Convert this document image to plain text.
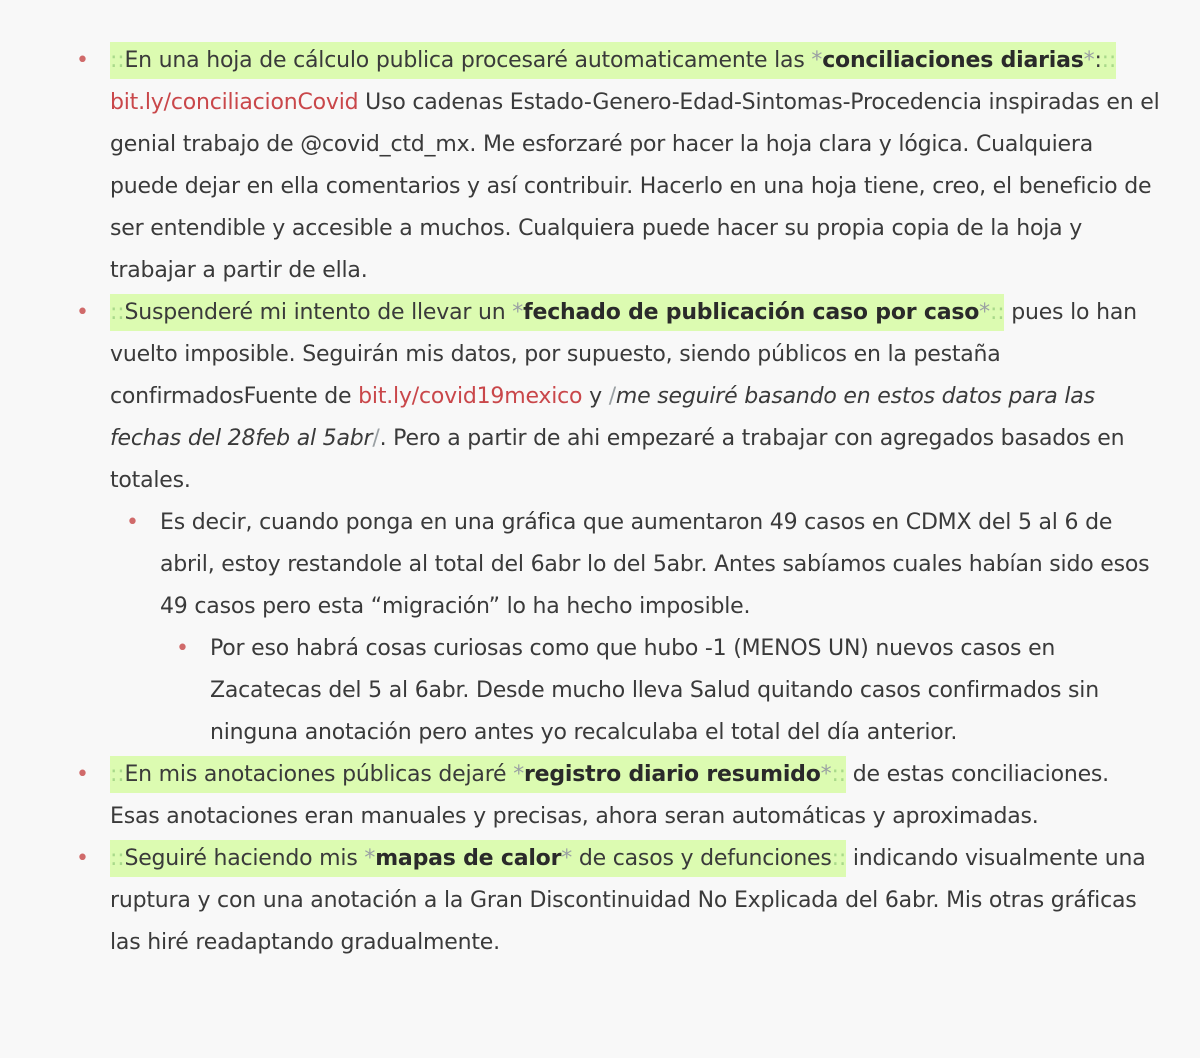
• ::En una hoja de cálculo publica procesaré automaticamente las *conciliaciones diarias*::: bit.ly/conciliacionCovid Uso cadenas Estado-Genero-Edad-Sintomas-Procedencia inspiradas en el genial trabajo de @covid_ctd_mx. Me esforzaré por hacer la hoja clara y lógica. Cualquiera puede dejar en ella comentarios y así contribuir. Hacerlo en una hoja tiene, creo, el beneficio de ser entendible y accesible a muchos. Cualquiera puede hacer su propia copia de la hoja y trabajar a partir de ella.
• ::Suspenderé mi intento de llevar un *fechado de publicación caso por caso*:: pues lo han vuelto imposible. Seguirán mis datos, por supuesto, siendo públicos en la pestaña confirmadosFuente de bit.ly/covid19mexico y /me seguiré basando en estos datos para las fechas del 28feb al 5abr/. Pero a partir de ahi empezaré a trabajar con agregados basados en totales.
• Es decir, cuando ponga en una gráfica que aumentaron 49 casos en CDMX del 5 al 6 de abril, estoy restandole al total del 6abr lo del 5abr. Antes sabíamos cuales habían sido esos 49 casos pero esta “migración” lo ha hecho imposible.
• Por eso habrá cosas curiosas como que hubo -1 (MENOS UN) nuevos casos en Zacatecas del 5 al 6abr. Desde mucho lleva Salud quitando casos confirmados sin ninguna anotación pero antes yo recalculaba el total del día anterior.
• ::En mis anotaciones públicas dejaré *registro diario resumido*:: de estas conciliaciones. Esas anotaciones eran manuales y precisas, ahora seran automáticas y aproximadas.
• ::Seguiré haciendo mis *mapas de calor* de casos y defunciones:: indicando visualmente una ruptura y con una anotación a la Gran Discontinuidad No Explicada del 6abr. Mis otras gráficas las hiré readaptando gradualmente.
